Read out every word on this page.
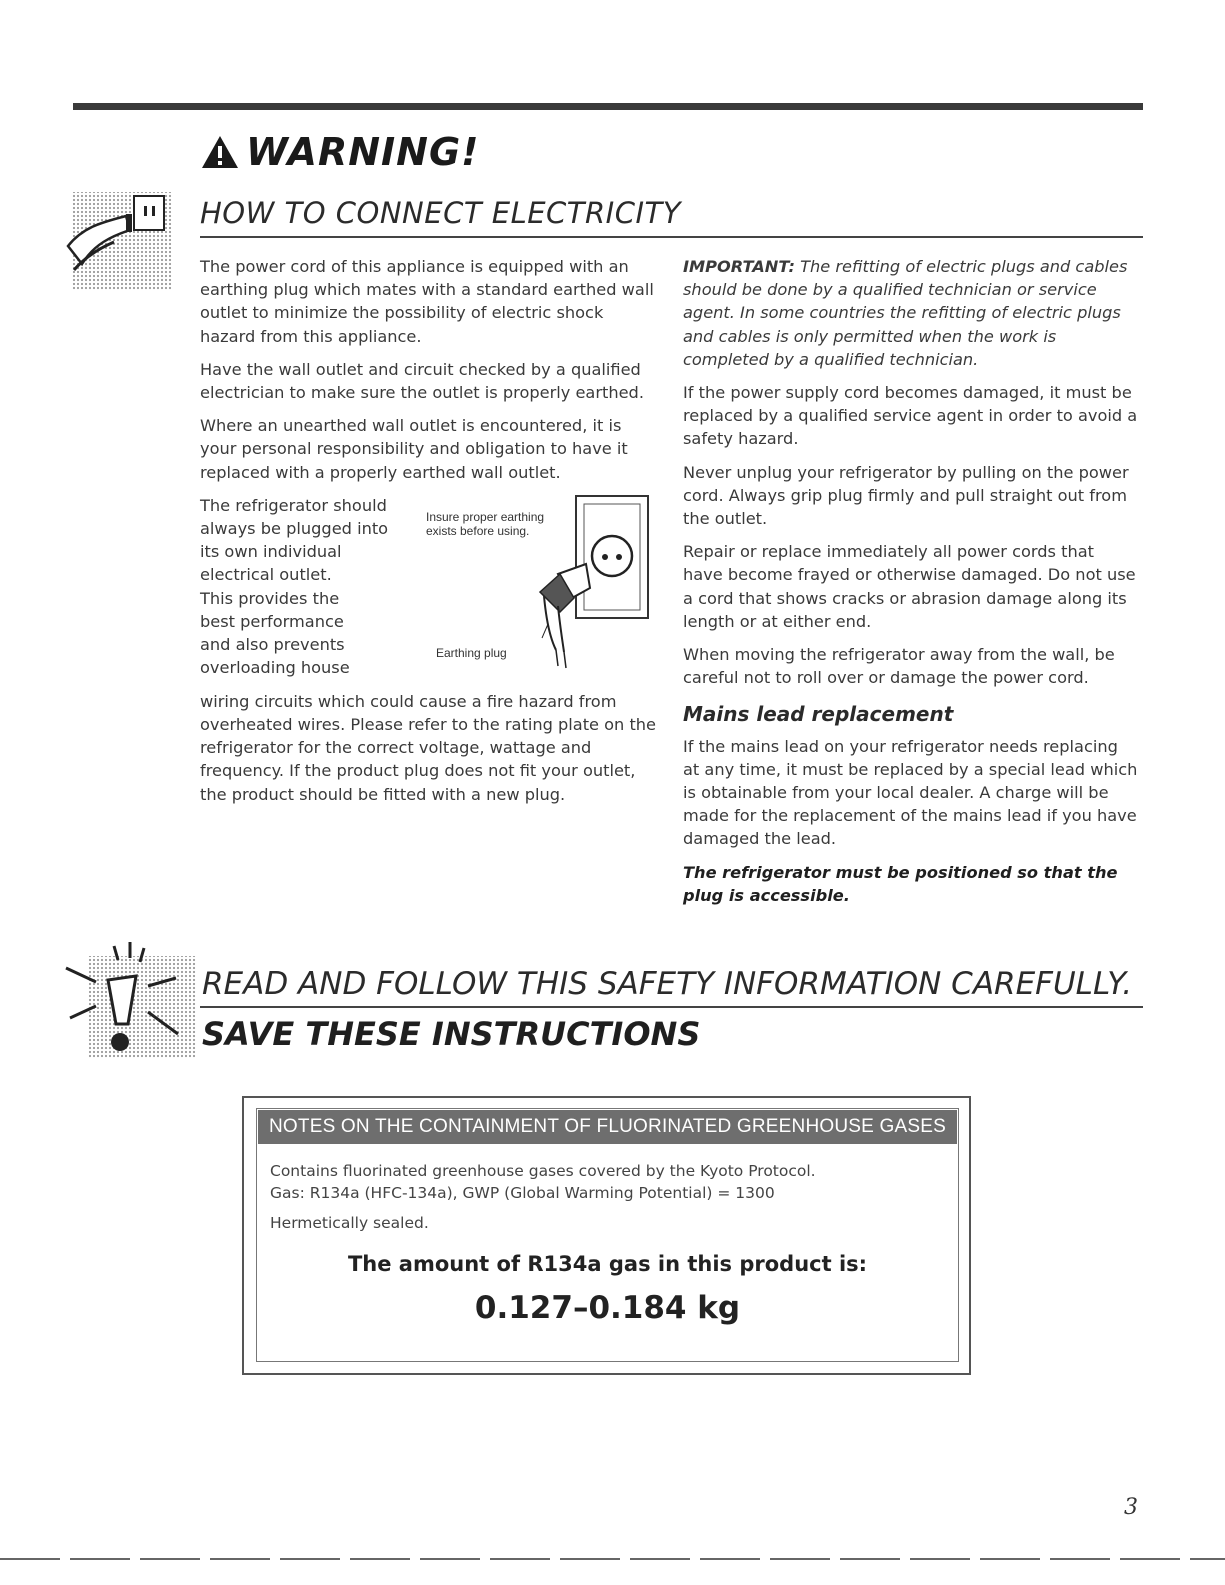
WARNING!
HOW TO CONNECT ELECTRICITY

The power cord of this appliance is equipped with an earthing plug which mates with a standard earthed wall outlet to minimize the possibility of electric shock hazard from this appliance.

Have the wall outlet and circuit checked by a qualified electrician to make sure the outlet is properly earthed.

Where an unearthed wall outlet is encountered, it is your personal responsibility and obligation to have it replaced with a properly earthed wall outlet.

The refrigerator should
always be plugged into
its own individual
electrical outlet.
This provides the
best performance
and also prevents
overloading house
Insure proper earthing
exists before using.
Earthing plug

wiring circuits which could cause a fire hazard from overheated wires. Please refer to the rating plate on the refrigerator for the correct voltage, wattage and frequency. If the product plug does not fit your outlet, the product should be fitted with a new plug.

IMPORTANT: The refitting of electric plugs and cables should be done by a qualified technician or service agent. In some countries the refitting of electric plugs and cables is only permitted when the work is completed by a qualified technician.

If the power supply cord becomes damaged, it must be replaced by a qualified service agent in order to avoid a safety hazard.

Never unplug your refrigerator by pulling on the power cord. Always grip plug firmly and pull straight out from the outlet.

Repair or replace immediately all power cords that have become frayed or otherwise damaged. Do not use a cord that shows cracks or abrasion damage along its length or at either end.

When moving the refrigerator away from the wall, be careful not to roll over or damage the power cord.

Mains lead replacement

If the mains lead on your refrigerator needs replacing at any time, it must be replaced by a special lead which is obtainable from your local dealer. A charge will be made for the replacement of the mains lead if you have damaged the lead.

The refrigerator must be positioned so that the plug is accessible.

READ AND FOLLOW THIS SAFETY INFORMATION CAREFULLY.
SAVE THESE INSTRUCTIONS
NOTES ON THE CONTAINMENT OF FLUORINATED GREENHOUSE GASES

Contains fluorinated greenhouse gases covered by the Kyoto Protocol.

Gas: R134a (HFC-134a), GWP (Global Warming Potential) = 1300

Hermetically sealed.

The amount of R134a gas in this product is:
0.127–0.184 kg
3
